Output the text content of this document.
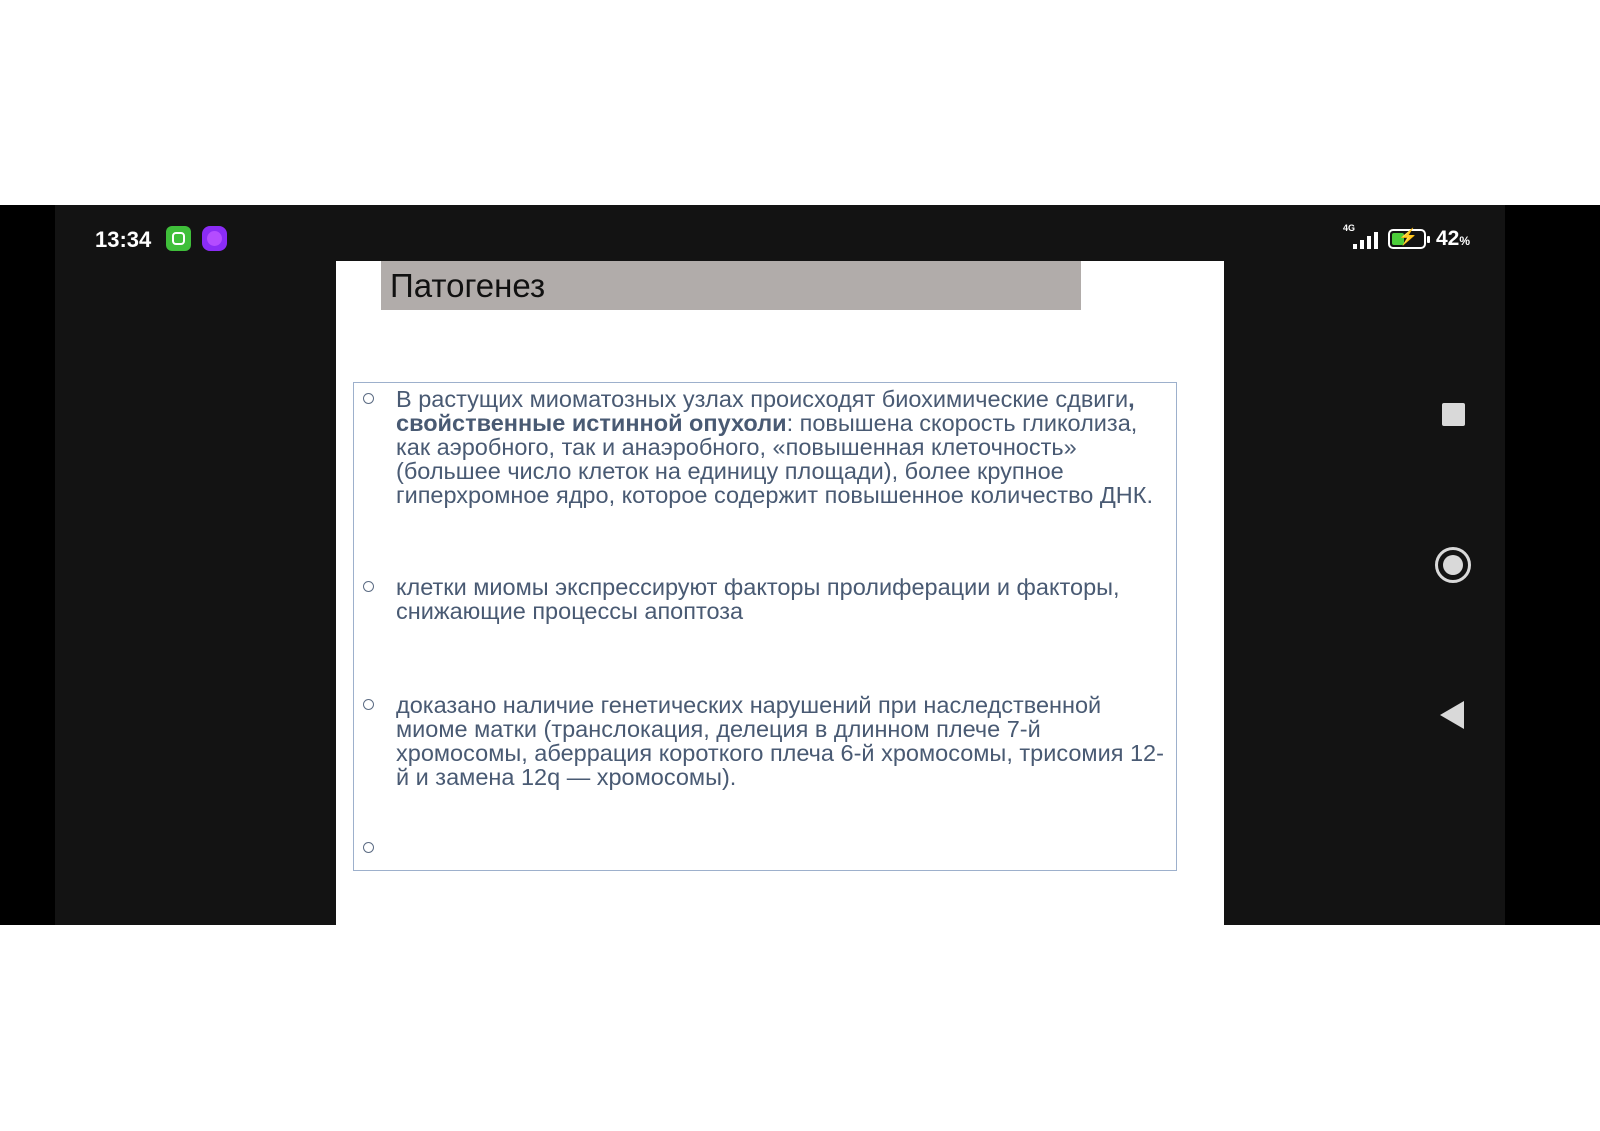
13:34	4G
⚡ 42%
Патогенез
В растущих миоматозных узлах происходят биохимические сдвиги, свойственные истинной опухоли: повышена скорость гликолиза, как аэробного, так и анаэробного, «повышенная клеточность» (большее число клеток на единицу площади), более крупное гиперхромное ядро, которое содержит повышенное количество ДНК.
клетки миомы экспрессируют факторы пролиферации и факторы, снижающие процессы апоптоза
доказано наличие генетических нарушений при наследственной миоме матки (транслокация, делеция в длинном плече 7-й хромосомы, аберрация короткого плеча 6-й хромосомы, трисомия 12-й и замена 12q — хромосомы).
